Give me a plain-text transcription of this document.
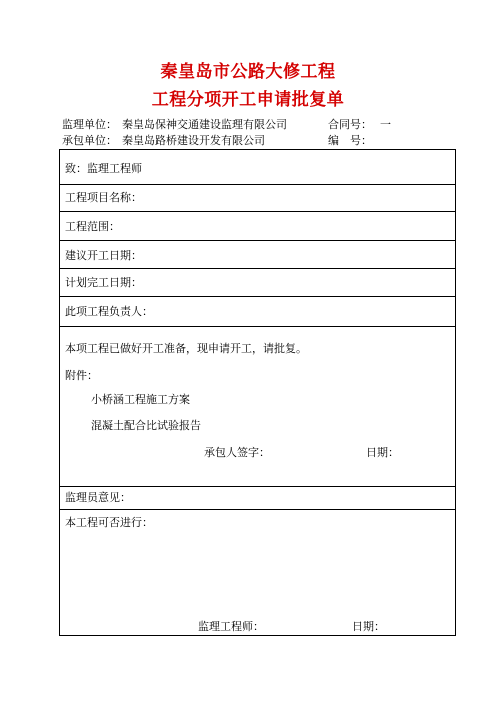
秦皇岛市公路大修工程
工程分项开工申请批复单
监理单位： 秦皇岛保神交通建设监理有限公司	合同号： 一
承包单位： 秦皇岛路桥建设开发有限公司	编　号：
致：监理工程师
工程项目名称：
工程范围：
建议开工日期：
计划完工日期：
此项工程负责人：
本项工程已做好开工准备，现申请开工，请批复。
附件：
小桥涵工程施工方案
混凝土配合比试验报告
承包人签字：	日期：
监理员意见：
本工程可否进行：
监理工程师：	日期：
